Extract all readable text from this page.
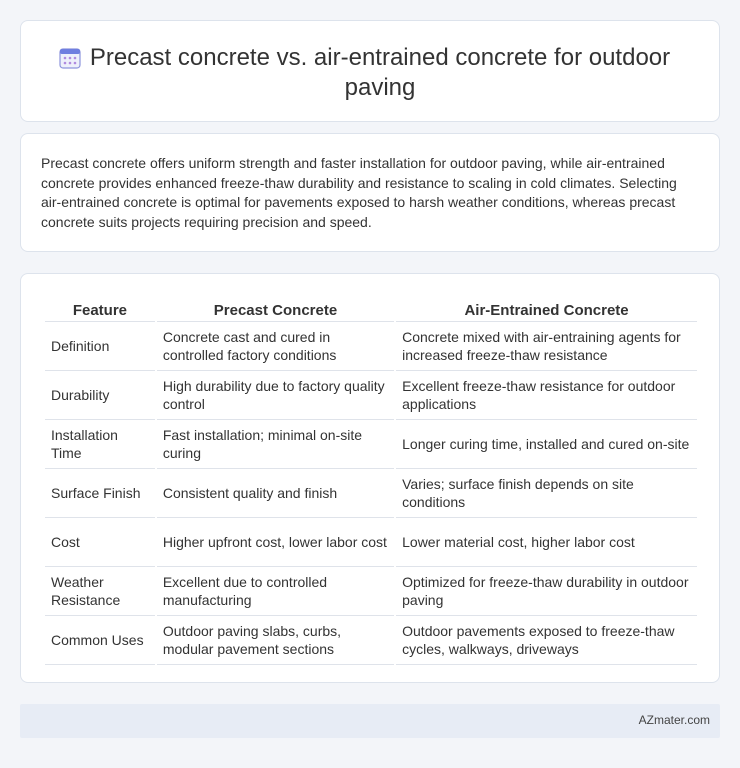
Precast concrete vs. air-entrained concrete for outdoor paving

Precast concrete offers uniform strength and faster installation for outdoor paving, while air-entrained concrete provides enhanced freeze-thaw durability and resistance to scaling in cold climates. Selecting air-entrained concrete is optimal for pavements exposed to harsh weather conditions, whereas precast concrete suits projects requiring precision and speed.

Feature	Precast Concrete	Air-Entrained Concrete
Definition	Concrete cast and cured in controlled factory conditions	Concrete mixed with air-entraining agents for increased freeze-thaw resistance
Durability	High durability due to factory quality control	Excellent freeze-thaw resistance for outdoor applications
Installation Time	Fast installation; minimal on-site curing	Longer curing time, installed and cured on-site
Surface Finish	Consistent quality and finish	Varies; surface finish depends on site conditions
Cost	Higher upfront cost, lower labor cost	Lower material cost, higher labor cost
Weather Resistance	Excellent due to controlled manufacturing	Optimized for freeze-thaw durability in outdoor paving
Common Uses	Outdoor paving slabs, curbs, modular pavement sections	Outdoor pavements exposed to freeze-thaw cycles, walkways, driveways
AZmater.com
